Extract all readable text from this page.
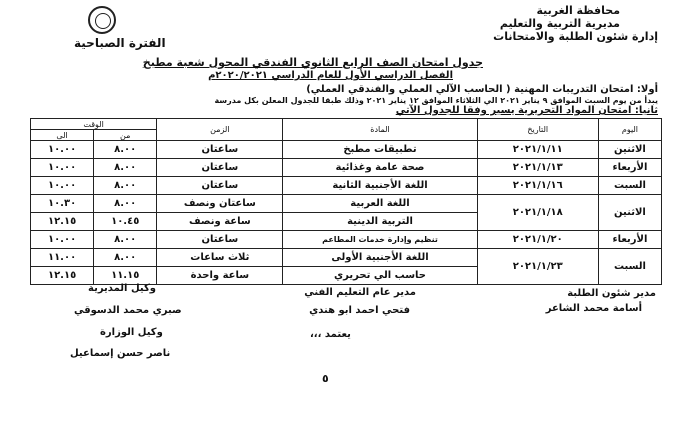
محافظة الغربية
مديرية التربية والتعليم
إدارة شئون الطلبة والامتحانات
الفترة الصباحية
جدول امتحان الصف الرابع الثانوي الفندقي المحول شعبة مطبخ
الفصل الدراسي الأول للعام الدراسي ٢٠٢٠/٢٠٢١م
أولا: امتحان التدريبات المهنية ( الحاسب الآلي العملي والفندقي العملي)
يبدأ من يوم السبت الموافق ٩ يناير ٢٠٢١ الي الثلاثاء الموافق ١٢ يناير ٢٠٢١ وذلك طبقا للجدول المعلن بكل مدرسة
ثانيا: امتحان المواد التحريرية يسير وفقا للجدول الآتي
اليوم	التاريخ	المادة	الزمن	الوقت	
				من	الى
الاثنين	٢٠٢١/١/١١	تطبيقات مطبخ	ساعتان	٨.٠٠	١٠.٠٠
الأربعاء	٢٠٢١/١/١٣	صحة عامة وغذائية	ساعتان	٨.٠٠	١٠.٠٠
السبت	٢٠٢١/١/١٦	اللغة الأجنبية الثانية	ساعتان	٨.٠٠	١٠.٠٠
الاثنين	٢٠٢١/١/١٨	اللغة العربية	ساعتان ونصف	٨.٠٠	١٠.٣٠
		التربية الدينية	ساعة ونصف	١٠.٤٥	١٢.١٥
الأربعاء	٢٠٢١/١/٢٠	تنظيم وإدارة خدمات المطاعم	ساعتان	٨.٠٠	١٠.٠٠
السبت	٢٠٢١/١/٢٣	اللغة الأجنبية الأولى	ثلاث ساعات	٨.٠٠	١١.٠٠
		حاسب الي تحريري	ساعة واحدة	١١.١٥	١٢.١٥
مدير شئون الطلبة
أسامة محمد الشاعر
مدير عام التعليم الفني
فتحي احمد ابو هندي
وكيل المديرية
صبري محمد الدسوقي
يعتمد ،،،
وكيل الوزارة
ناصر حسن إسماعيل
٥
